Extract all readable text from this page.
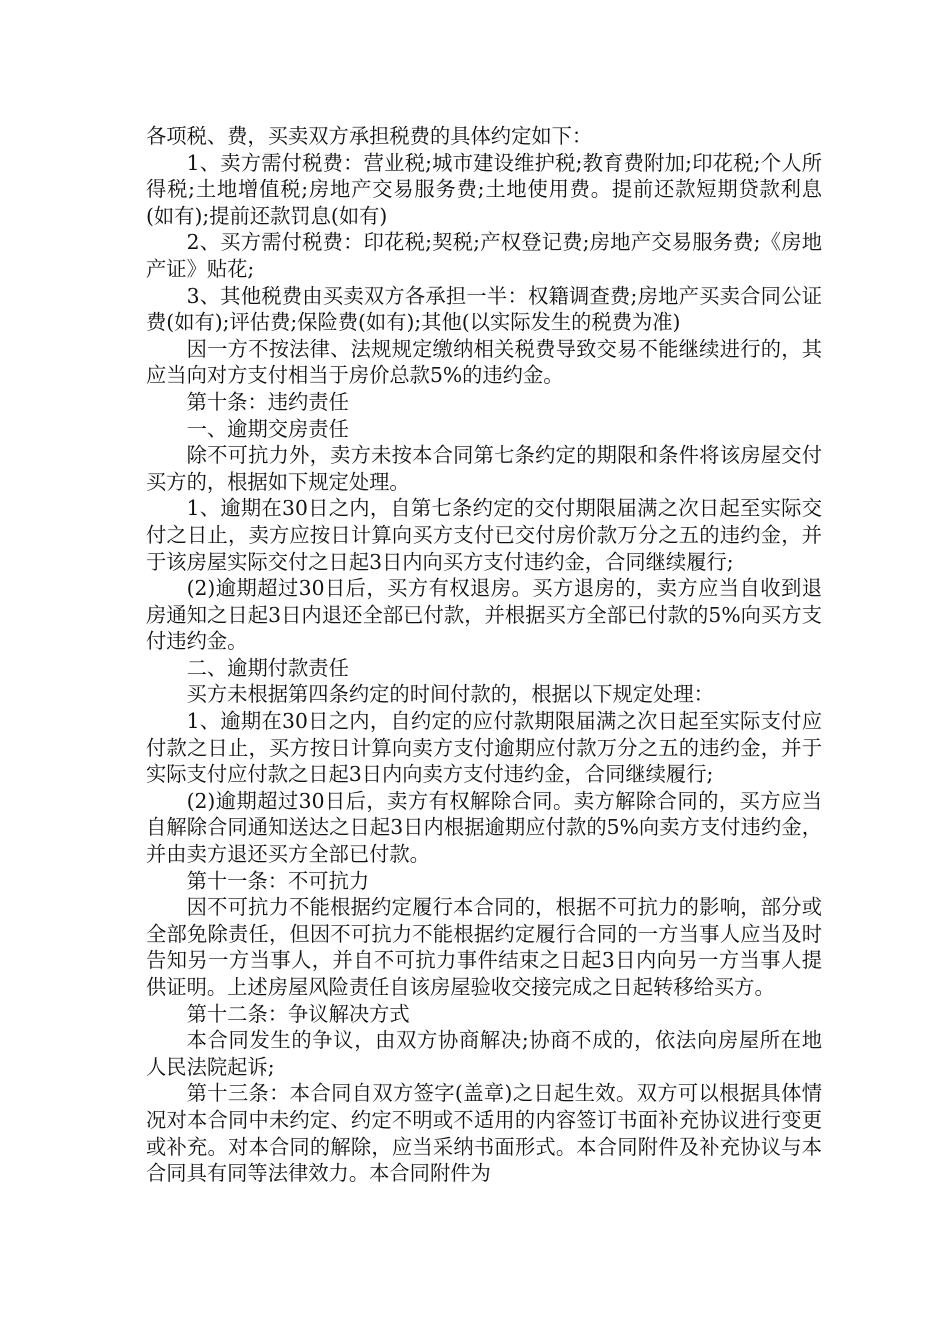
各项税、费，买卖双方承担税费的具体约定如下：

1、卖方需付税费：营业税;城市建设维护税;教育费附加;印花税;个人所得税;土地增值税;房地产交易服务费;土地使用费。提前还款短期贷款利息(如有);提前还款罚息(如有)

2、买方需付税费：印花税;契税;产权登记费;房地产交易服务费;《房地产证》贴花;

3、其他税费由买卖双方各承担一半：权籍调查费;房地产买卖合同公证费(如有);评估费;保险费(如有);其他(以实际发生的税费为准)

因一方不按法律、法规规定缴纳相关税费导致交易不能继续进行的，其应当向对方支付相当于房价总款5%的违约金。

第十条：违约责任

一、逾期交房责任

除不可抗力外，卖方未按本合同第七条约定的期限和条件将该房屋交付买方的，根据如下规定处理。

1、逾期在30日之内，自第七条约定的交付期限届满之次日起至实际交付之日止，卖方应按日计算向买方支付已交付房价款万分之五的违约金，并于该房屋实际交付之日起3日内向买方支付违约金，合同继续履行;

(2)逾期超过30日后，买方有权退房。买方退房的，卖方应当自收到退房通知之日起3日内退还全部已付款，并根据买方全部已付款的5%向买方支付违约金。

二、逾期付款责任

买方未根据第四条约定的时间付款的，根据以下规定处理：

1、逾期在30日之内，自约定的应付款期限届满之次日起至实际支付应付款之日止，买方按日计算向卖方支付逾期应付款万分之五的违约金，并于实际支付应付款之日起3日内向卖方支付违约金，合同继续履行;

(2)逾期超过30日后，卖方有权解除合同。卖方解除合同的，买方应当自解除合同通知送达之日起3日内根据逾期应付款的5%向卖方支付违约金，并由卖方退还买方全部已付款。

第十一条：不可抗力

因不可抗力不能根据约定履行本合同的，根据不可抗力的影响，部分或全部免除责任，但因不可抗力不能根据约定履行合同的一方当事人应当及时告知另一方当事人，并自不可抗力事件结束之日起3日内向另一方当事人提供证明。上述房屋风险责任自该房屋验收交接完成之日起转移给买方。

第十二条：争议解决方式

本合同发生的争议，由双方协商解决;协商不成的，依法向房屋所在地人民法院起诉;

第十三条：本合同自双方签字(盖章)之日起生效。双方可以根据具体情况对本合同中未约定、约定不明或不适用的内容签订书面补充协议进行变更或补充。对本合同的解除，应当采纳书面形式。本合同附件及补充协议与本合同具有同等法律效力。本合同附件为
